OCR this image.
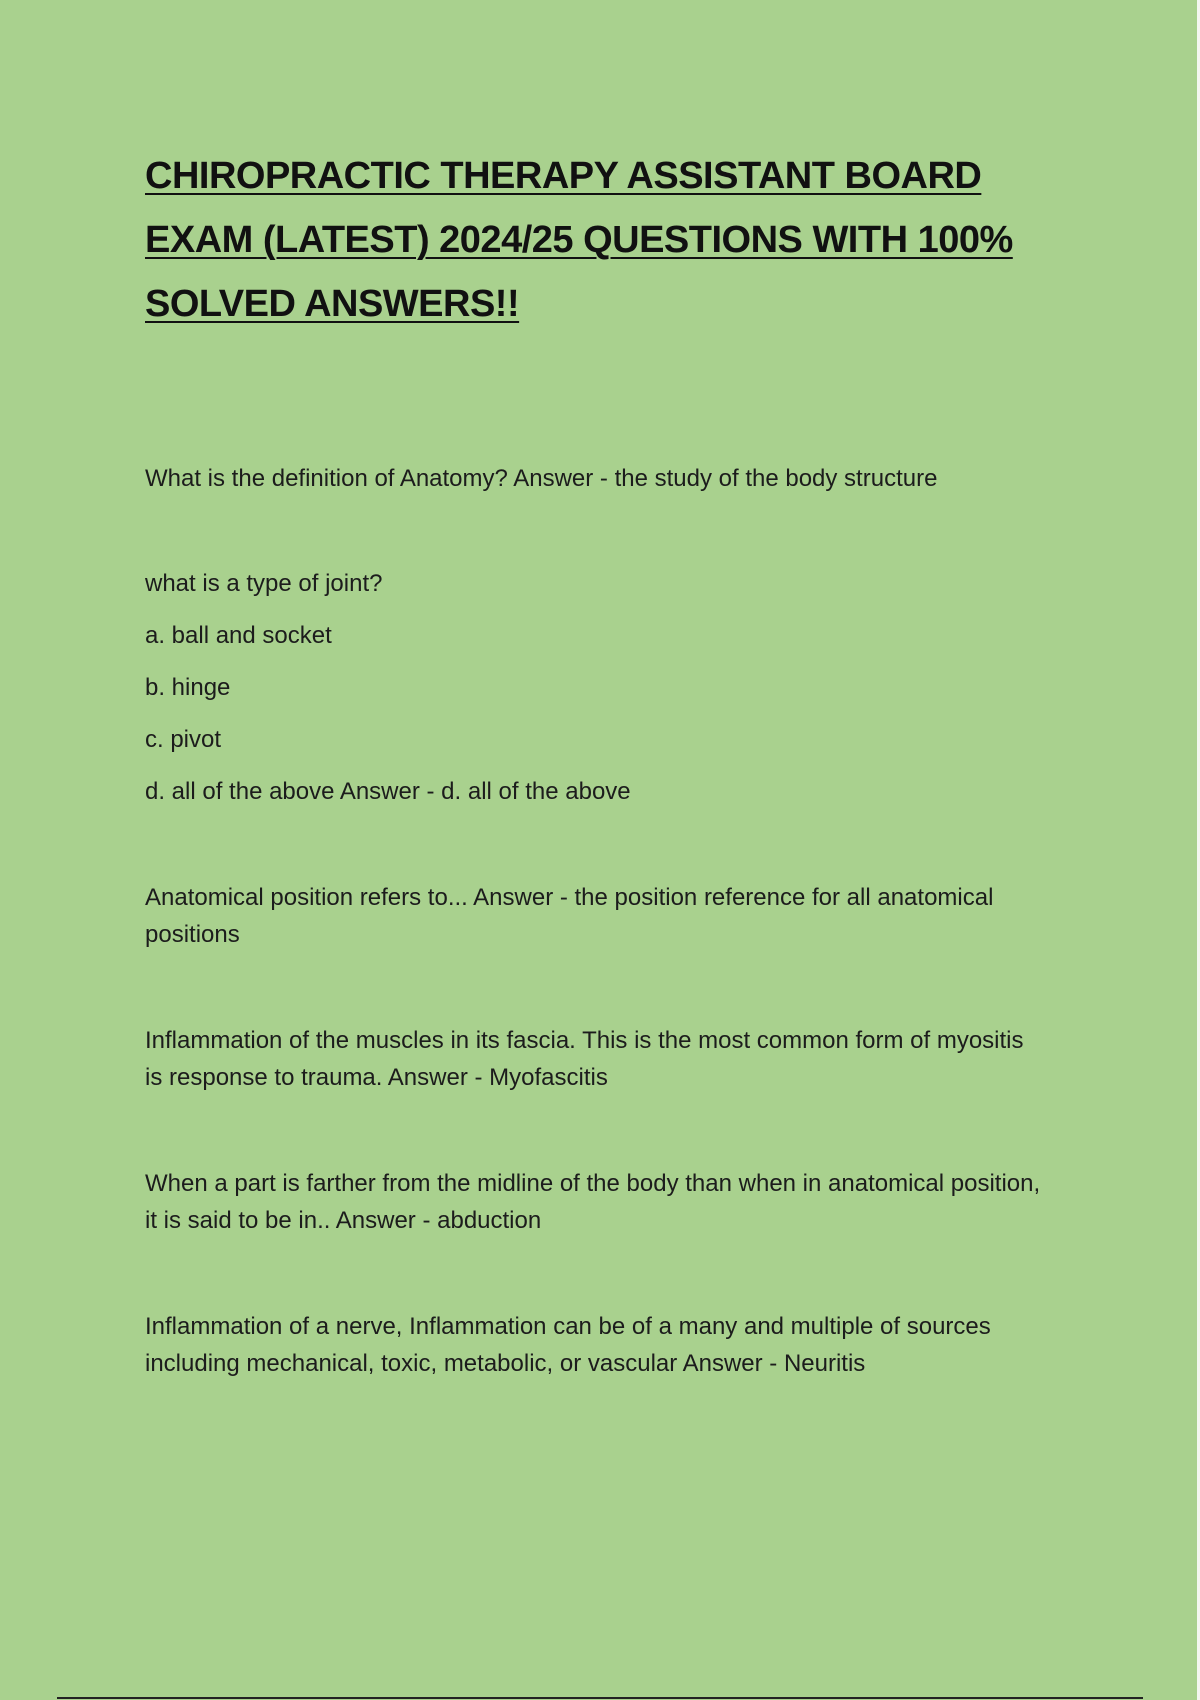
CHIROPRACTIC THERAPY ASSISTANT BOARD EXAM (LATEST) 2024/25 QUESTIONS WITH 100% SOLVED ANSWERS!!

What is the definition of Anatomy? Answer - the study of the body structure

what is a type of joint?

a. ball and socket

b. hinge

c. pivot

d. all of the above Answer - d. all of the above

Anatomical position refers to... Answer - the position reference for all anatomical positions

Inflammation of the muscles in its fascia. This is the most common form of myositis is response to trauma. Answer - Myofascitis

When a part is farther from the midline of the body than when in anatomical position, it is said to be in.. Answer - abduction

Inflammation of a nerve, Inflammation can be of a many and multiple of sources including mechanical, toxic, metabolic, or vascular Answer - Neuritis
